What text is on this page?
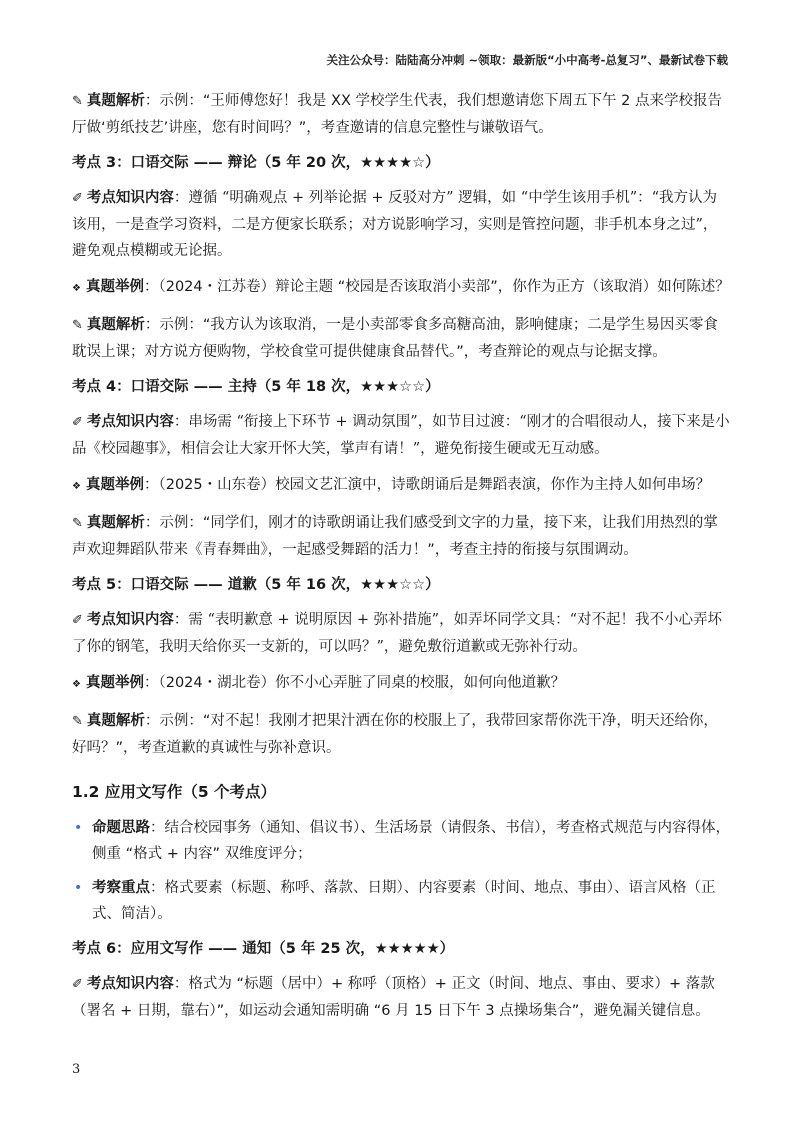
关注公众号：陆陆高分冲刺 ~领取：最新版“小中高考-总复习”、最新试卷下载

✎ 真题解析：示例：“王师傅您好！我是 XX 学校学生代表，我们想邀请您下周五下午 2 点来学校报告厅做‘剪纸技艺’讲座，您有时间吗？”，考查邀请的信息完整性与谦敬语气。

考点 3：口语交际 —— 辩论（5 年 20 次，★★★★☆）

✐ 考点知识内容：遵循 “明确观点 + 列举论据 + 反驳对方” 逻辑，如 “中学生该用手机”：“我方认为该用，一是查学习资料，二是方便家长联系；对方说影响学习，实则是管控问题，非手机本身之过”，避免观点模糊或无论据。

❖ 真题举例：（2024・江苏卷）辩论主题 “校园是否该取消小卖部”，你作为正方（该取消）如何陈述？

✎ 真题解析：示例：“我方认为该取消，一是小卖部零食多高糖高油，影响健康；二是学生易因买零食耽误上课；对方说方便购物，学校食堂可提供健康食品替代。”，考查辩论的观点与论据支撑。

考点 4：口语交际 —— 主持（5 年 18 次，★★★☆☆）

✐ 考点知识内容：串场需 “衔接上下环节 + 调动氛围”，如节目过渡：“刚才的合唱很动人，接下来是小品《校园趣事》，相信会让大家开怀大笑，掌声有请！”，避免衔接生硬或无互动感。

❖ 真题举例：（2025・山东卷）校园文艺汇演中，诗歌朗诵后是舞蹈表演，你作为主持人如何串场？

✎ 真题解析：示例：“同学们，刚才的诗歌朗诵让我们感受到文字的力量，接下来，让我们用热烈的掌声欢迎舞蹈队带来《青春舞曲》，一起感受舞蹈的活力！”，考查主持的衔接与氛围调动。

考点 5：口语交际 —— 道歉（5 年 16 次，★★★☆☆）

✐ 考点知识内容：需 “表明歉意 + 说明原因 + 弥补措施”，如弄坏同学文具：“对不起！我不小心弄坏了你的钢笔，我明天给你买一支新的，可以吗？”，避免敷衍道歉或无弥补行动。

❖ 真题举例：（2024・湖北卷）你不小心弄脏了同桌的校服，如何向他道歉？

✎ 真题解析：示例：“对不起！我刚才把果汁洒在你的校服上了，我带回家帮你洗干净，明天还给你，好吗？”，考查道歉的真诚性与弥补意识。

1.2 应用文写作（5 个考点）
• 命题思路：结合校园事务（通知、倡议书）、生活场景（请假条、书信），考查格式规范与内容得体，侧重 “格式 + 内容” 双维度评分；
• 考察重点：格式要素（标题、称呼、落款、日期）、内容要素（时间、地点、事由）、语言风格（正式、简洁）。
考点 6：应用文写作 —— 通知（5 年 25 次，★★★★★）

✐ 考点知识内容：格式为 “标题（居中）+ 称呼（顶格）+ 正文（时间、地点、事由、要求）+ 落款（署名 + 日期，靠右）”，如运动会通知需明确 “6 月 15 日下午 3 点操场集合”，避免漏关键信息。

3
